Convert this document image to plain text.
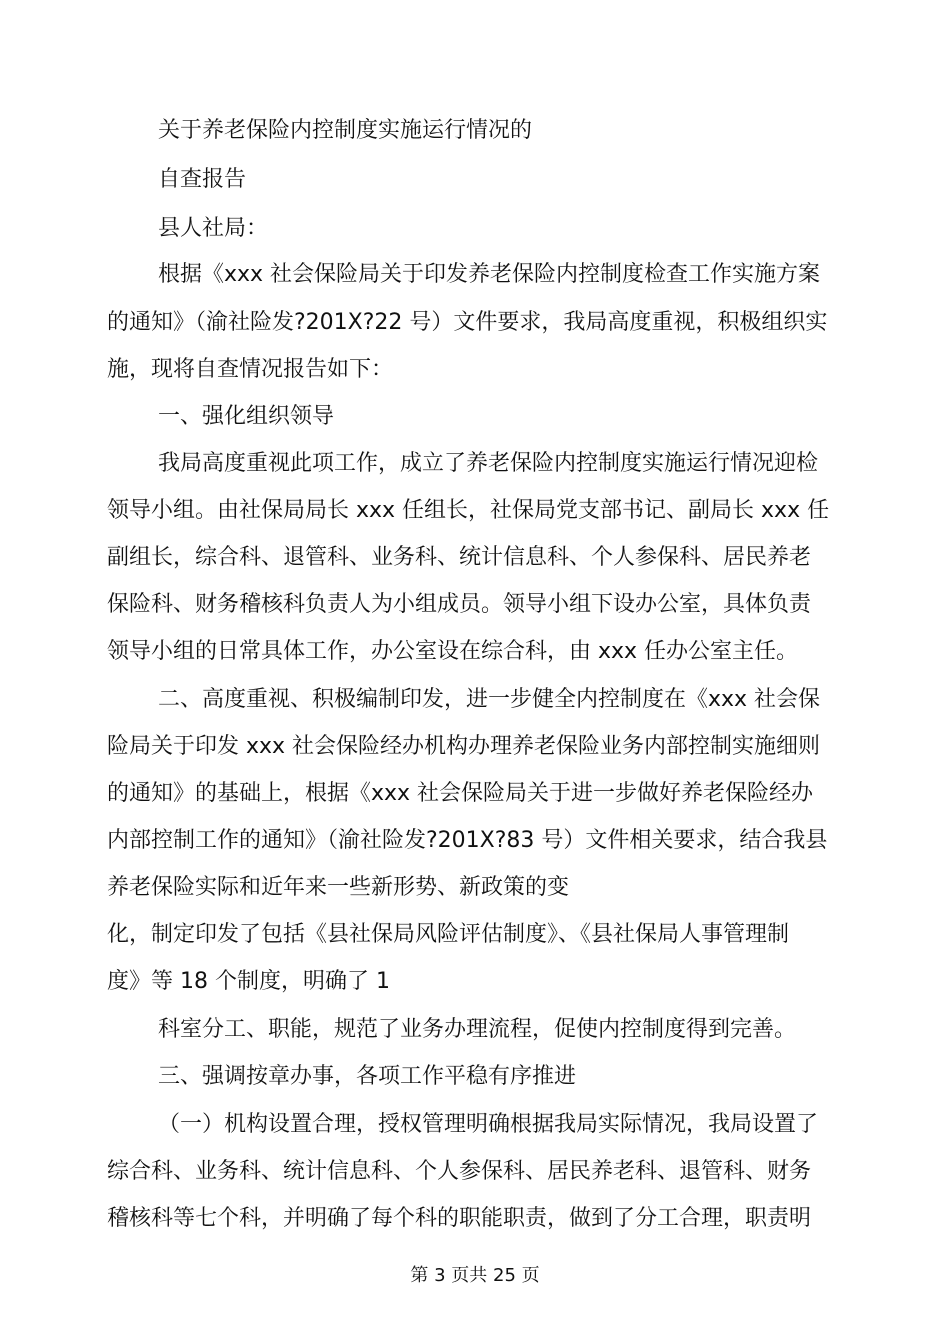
关于养老保险内控制度实施运行情况的
自查报告
县人社局：
根据《xxx 社会保险局关于印发养老保险内控制度检查工作实施方案
的通知》（渝社险发?201X?22 号）文件要求，我局高度重视，积极组织实
施，现将自查情况报告如下：
一、强化组织领导
我局高度重视此项工作，成立了养老保险内控制度实施运行情况迎检
领导小组。由社保局局长 xxx 任组长，社保局党支部书记、副局长 xxx 任
副组长，综合科、退管科、业务科、统计信息科、个人参保科、居民养老
保险科、财务稽核科负责人为小组成员。领导小组下设办公室，具体负责
领导小组的日常具体工作，办公室设在综合科，由 xxx 任办公室主任。
二、高度重视、积极编制印发，进一步健全内控制度在《xxx 社会保
险局关于印发 xxx 社会保险经办机构办理养老保险业务内部控制实施细则
的通知》的基础上，根据《xxx 社会保险局关于进一步做好养老保险经办
内部控制工作的通知》（渝社险发?201X?83 号）文件相关要求，结合我县
养老保险实际和近年来一些新形势、新政策的变
化，制定印发了包括《县社保局风险评估制度》、《县社保局人事管理制
度》等 18 个制度，明确了 1
科室分工、职能，规范了业务办理流程，促使内控制度得到完善。
三、强调按章办事，各项工作平稳有序推进
（一）机构设置合理，授权管理明确根据我局实际情况，我局设置了
综合科、业务科、统计信息科、个人参保科、居民养老科、退管科、财务
稽核科等七个科，并明确了每个科的职能职责，做到了分工合理，职责明
第 3 页共 25 页
